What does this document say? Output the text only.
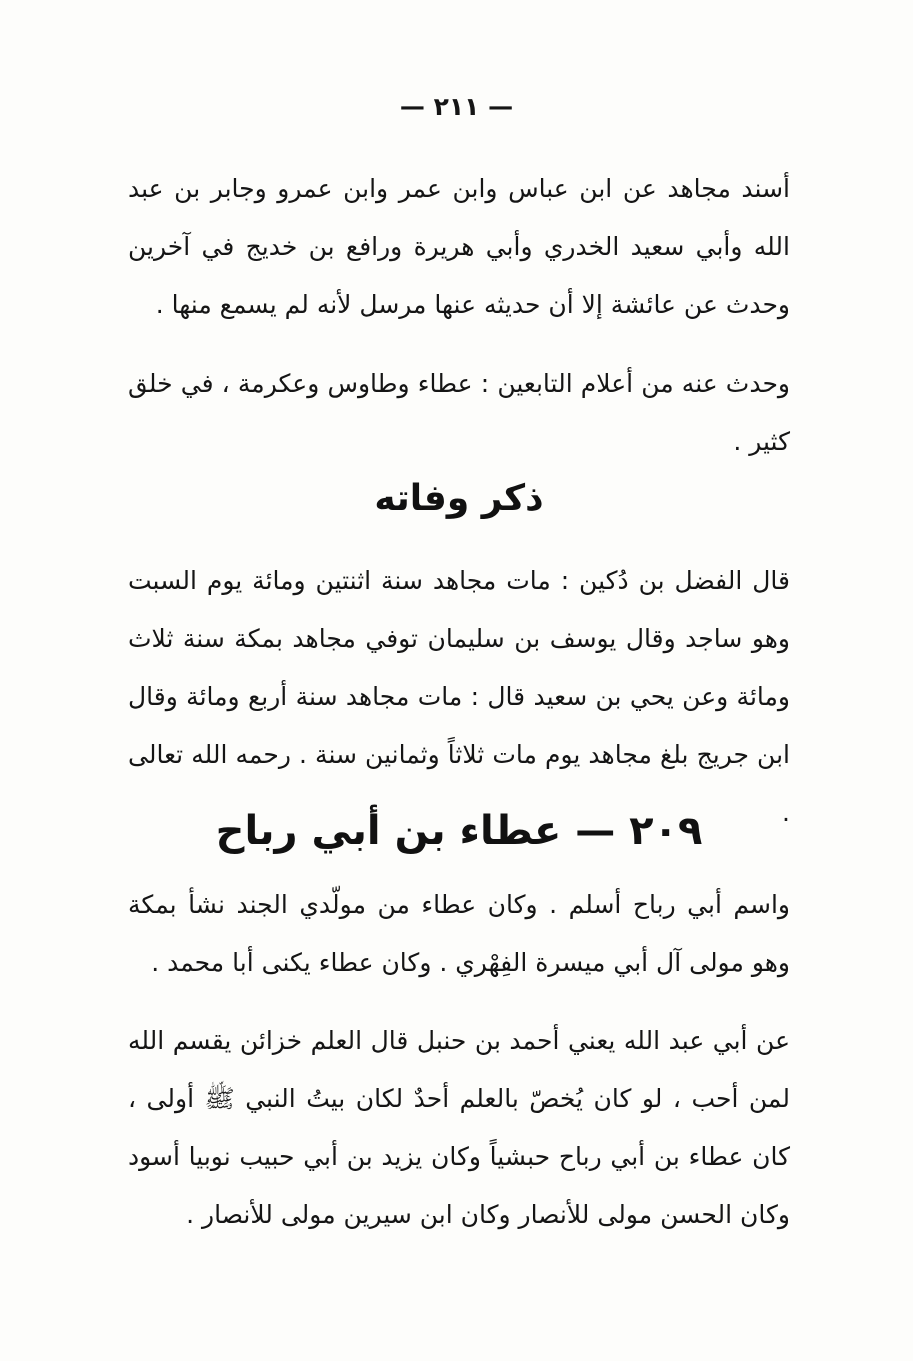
— ٢١١ —

أسند مجاهد عن ابن عباس وابن عمر وابن عمرو وجابر بن عبد الله وأبي سعيد الخدري وأبي هريرة ورافع بن خديج في آخرين وحدث عن عائشة إلا أن حديثه عنها مرسل لأنه لم يسمع منها .

وحدث عنه من أعلام التابعين : عطاء وطاوس وعكرمة ، في خلق كثير .

ذكر وفاته

قال الفضل بن دُكين : مات مجاهد سنة اثنتين ومائة يوم السبت وهو ساجد وقال يوسف بن سليمان توفي مجاهد بمكة سنة ثلاث ومائة وعن يحي بن سعيد قال : مات مجاهد سنة أربع ومائة وقال ابن جريج بلغ مجاهد يوم مات ثلاثاً وثمانين سنة . رحمه الله تعالى .

٢٠٩ — عطاء بن أبي رباح

واسم أبي رباح أسلم . وكان عطاء من مولّدي الجند نشأ بمكة وهو مولى آل أبي ميسرة الفِهْري . وكان عطاء يكنى أبا محمد .

عن أبي عبد الله يعني أحمد بن حنبل قال العلم خزائن يقسم الله لمن أحب ، لو كان يُخصّ بالعلم أحدٌ لكان بيتُ النبي ﷺ أولى ، كان عطاء بن أبي رباح حبشياً وكان يزيد بن أبي حبيب نوبيا أسود وكان الحسن مولى للأنصار وكان ابن سيرين مولى للأنصار .
